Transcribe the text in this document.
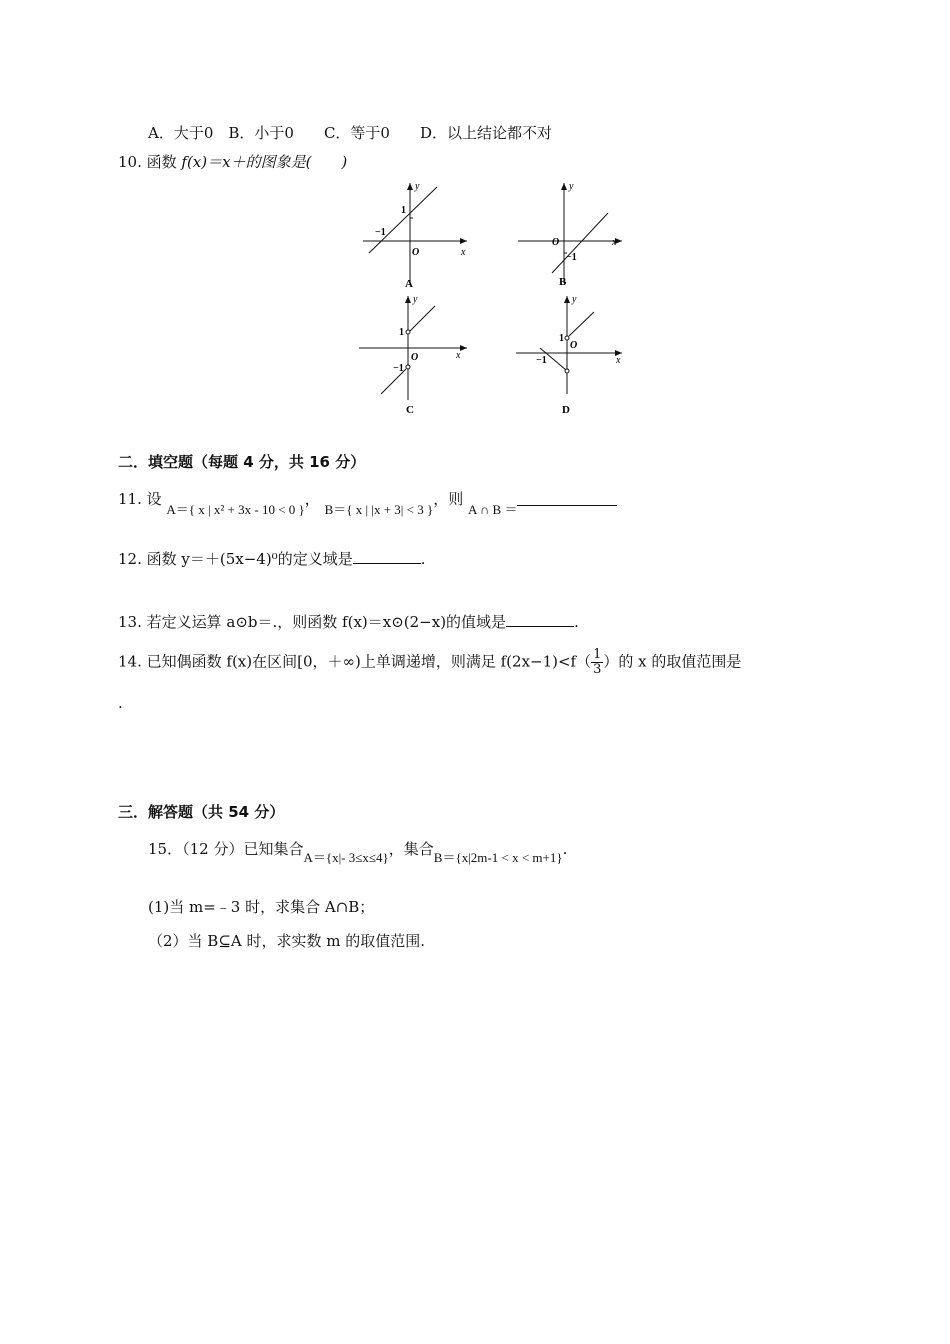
A．大于0　B．小于0　　C．等于0　　D．以上结论都不对
10. 函数 f(x)＝x＋的图象是(　　)
y
x
1
−1
O
A
y
x
−1
O
B
y
x
1
−1
O
C
y
x
1
−1
O
D
二．填空题（每题 4 分，共 16 分）
11. 设 A＝{ x | x² + 3x - 10 < 0 }， B＝{ x | |x + 3| < 3 }，则 A ∩ B ＝
12. 函数 y＝＋(5x−4)⁰的定义域是	.
13. 若定义运算 a⊙b＝.，则函数 f(x)＝x⊙(2−x)的值域是	.
14. 已知偶函数 f(x)在区间[0，＋∞)上单调递增，则满足 $f(2x-1)<f( \frac{1}{3}$ ）的 x 的取值范围是
.
三．解答题（共 54 分）
15．（12 分）已知集合A＝{x|- 3≤x≤4}，集合B＝{x|2m-1 < x < m+1}.
(1)当 m=﹣3 时，求集合 A∩B；
（2）当 B⊆A 时，求实数 m 的取值范围.
